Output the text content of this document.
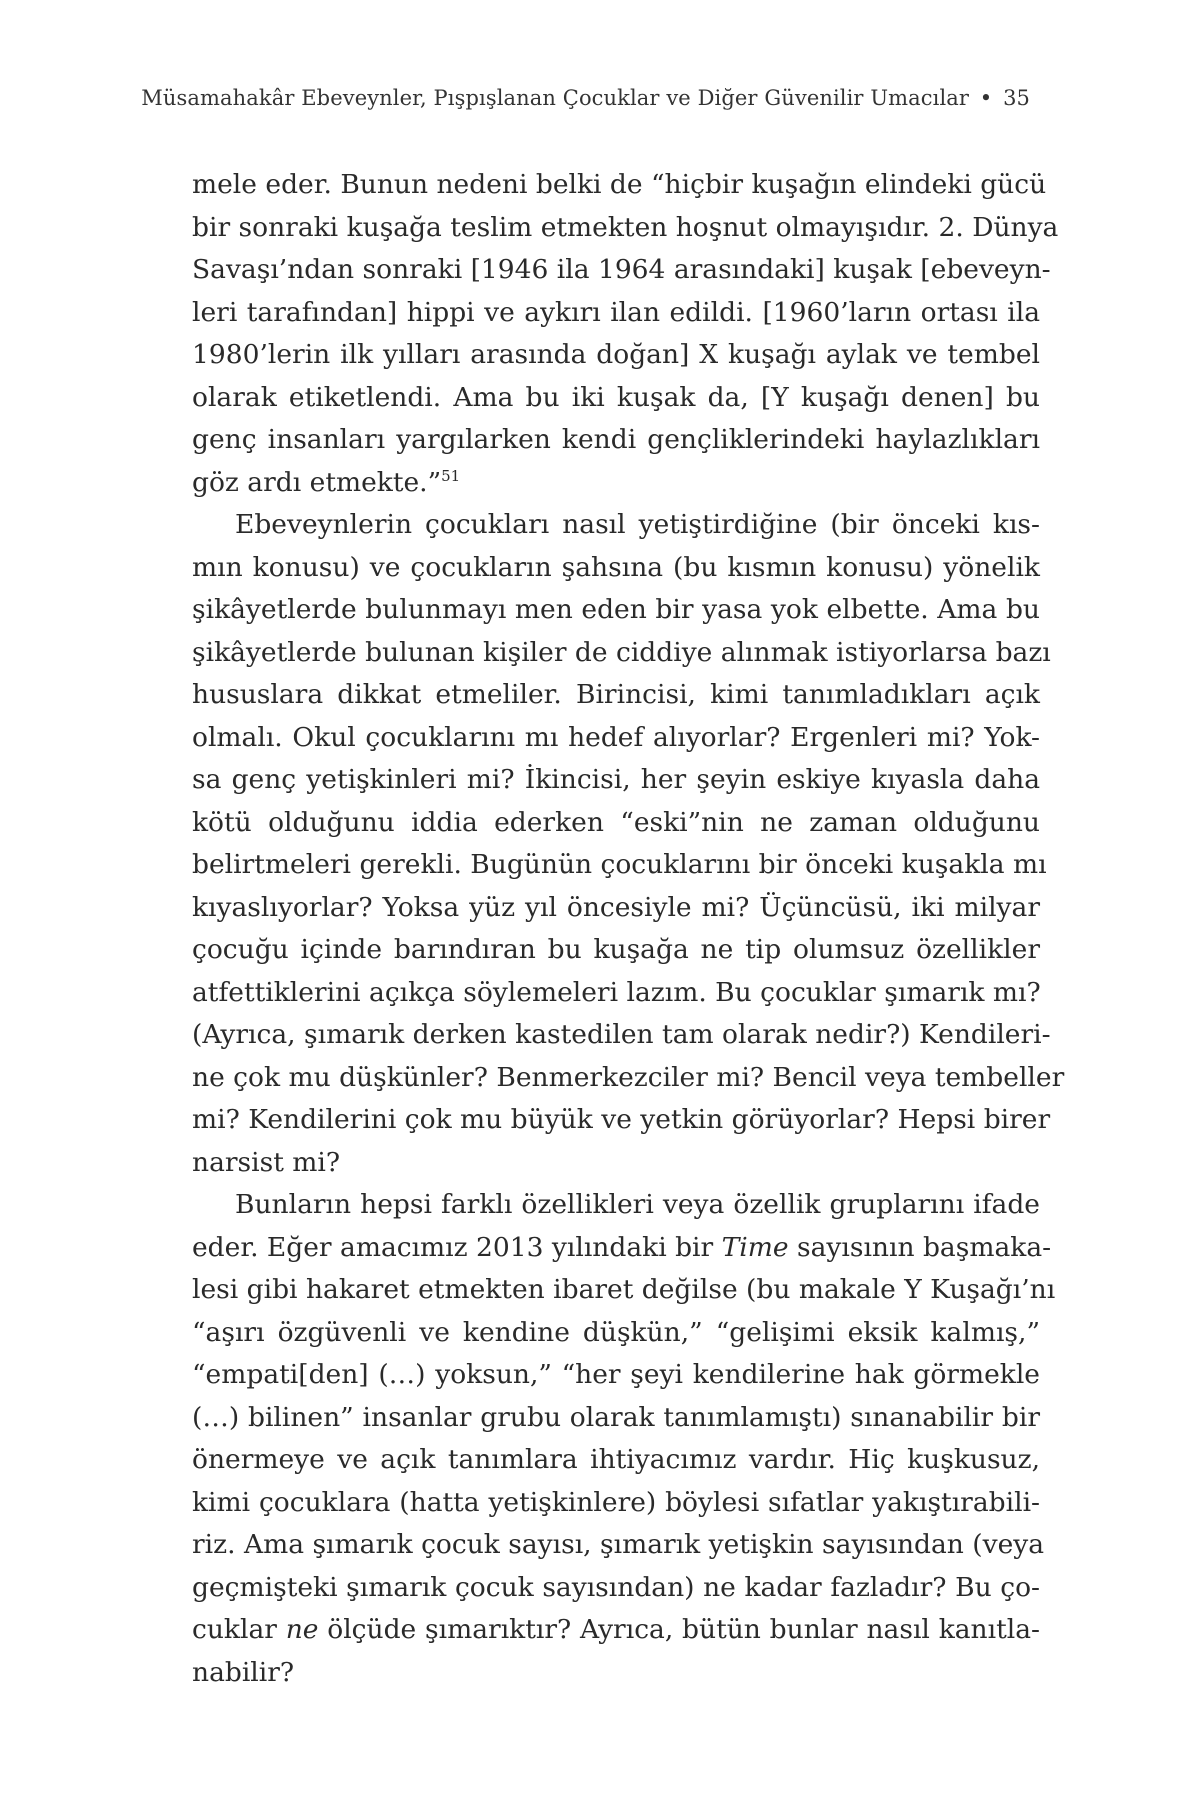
Müsamahakâr Ebeveynler, Pışpışlanan Çocuklar ve Diğer Güvenilir Umacılar • 35
mele eder. Bunun nedeni belki de “hiçbir kuşağın elindeki gücü
bir sonraki kuşağa teslim etmekten hoşnut olmayışıdır. 2. Dünya
Savaşı’ndan sonraki [1946 ila 1964 arasındaki] kuşak [ebeveyn-
leri tarafından] hippi ve aykırı ilan edildi. [1960’ların ortası ila
1980’lerin ilk yılları arasında doğan] X kuşağı aylak ve tembel
olarak etiketlendi. Ama bu iki kuşak da, [Y kuşağı denen] bu
genç insanları yargılarken kendi gençliklerindeki haylazlıkları
göz ardı etmekte.”$^{51}$
Ebeveynlerin çocukları nasıl yetiştirdiğine (bir önceki kıs-
mın konusu) ve çocukların şahsına (bu kısmın konusu) yönelik
şikâyetlerde bulunmayı men eden bir yasa yok elbette. Ama bu
şikâyetlerde bulunan kişiler de ciddiye alınmak istiyorlarsa bazı
hususlara dikkat etmeliler. Birincisi, kimi tanımladıkları açık
olmalı. Okul çocuklarını mı hedef alıyorlar? Ergenleri mi? Yok-
sa genç yetişkinleri mi? İkincisi, her şeyin eskiye kıyasla daha
kötü olduğunu iddia ederken “eski”nin ne zaman olduğunu
belirtmeleri gerekli. Bugünün çocuklarını bir önceki kuşakla mı
kıyaslıyorlar? Yoksa yüz yıl öncesiyle mi? Üçüncüsü, iki milyar
çocuğu içinde barındıran bu kuşağa ne tip olumsuz özellikler
atfettiklerini açıkça söylemeleri lazım. Bu çocuklar şımarık mı?
(Ayrıca, şımarık derken kastedilen tam olarak nedir?) Kendileri-
ne çok mu düşkünler? Benmerkezciler mi? Bencil veya tembeller
mi? Kendilerini çok mu büyük ve yetkin görüyorlar? Hepsi birer
narsist mi?
Bunların hepsi farklı özellikleri veya özellik gruplarını ifade
eder. Eğer amacımız 2013 yılındaki bir Time sayısının başmaka-
lesi gibi hakaret etmekten ibaret değilse (bu makale Y Kuşağı’nı
“aşırı özgüvenli ve kendine düşkün,” “gelişimi eksik kalmış,”
“empati[den] (…) yoksun,” “her şeyi kendilerine hak görmekle
(…) bilinen” insanlar grubu olarak tanımlamıştı) sınanabilir bir
önermeye ve açık tanımlara ihtiyacımız vardır. Hiç kuşkusuz,
kimi çocuklara (hatta yetişkinlere) böylesi sıfatlar yakıştırabili-
riz. Ama şımarık çocuk sayısı, şımarık yetişkin sayısından (veya
geçmişteki şımarık çocuk sayısından) ne kadar fazladır? Bu ço-
cuklar ne ölçüde şımarıktır? Ayrıca, bütün bunlar nasıl kanıtla-
nabilir?
